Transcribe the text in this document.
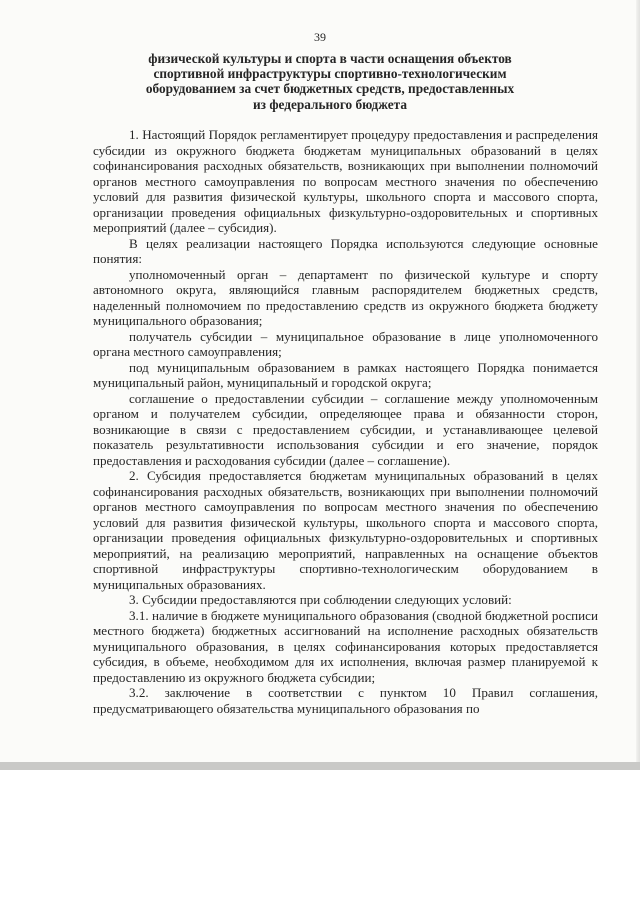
39
физической культуры и спорта в части оснащения объектов
спортивной инфраструктуры спортивно-технологическим
оборудованием за счет бюджетных средств, предоставленных
из федерального бюджета

1. Настоящий Порядок регламентирует процедуру предоставления и распределения субсидии из окружного бюджета бюджетам муниципальных образований в целях софинансирования расходных обязательств, возникающих при выполнении полномочий органов местного самоуправления по вопросам местного значения по обеспечению условий для развития физической культуры, школьного спорта и массового спорта, организации проведения официальных физкультурно-оздоровительных и спортивных мероприятий (далее – субсидия).

В целях реализации настоящего Порядка используются следующие основные понятия:

уполномоченный орган – департамент по физической культуре и спорту автономного округа, являющийся главным распорядителем бюджетных средств, наделенный полномочием по предоставлению средств из окружного бюджета бюджету муниципального образования;

получатель субсидии – муниципальное образование в лице уполномоченного органа местного самоуправления;

под муниципальным образованием в рамках настоящего Порядка понимается муниципальный район, муниципальный и городской округа;

соглашение о предоставлении субсидии – соглашение между уполномоченным органом и получателем субсидии, определяющее права и обязанности сторон, возникающие в связи с предоставлением субсидии, и устанавливающее целевой показатель результативности использования субсидии и его значение, порядок предоставления и расходования субсидии (далее – соглашение).

2. Субсидия предоставляется бюджетам муниципальных образований в целях софинансирования расходных обязательств, возникающих при выполнении полномочий органов местного самоуправления по вопросам местного значения по обеспечению условий для развития физической культуры, школьного спорта и массового спорта, организации проведения официальных физкультурно-оздоровительных и спортивных мероприятий, на реализацию мероприятий, направленных на оснащение объектов спортивной инфраструктуры спортивно-технологическим оборудованием в муниципальных образованиях.

3. Субсидии предоставляются при соблюдении следующих условий:

3.1. наличие в бюджете муниципального образования (сводной бюджетной росписи местного бюджета) бюджетных ассигнований на исполнение расходных обязательств муниципального образования, в целях софинансирования которых предоставляется субсидия, в объеме, необходимом для их исполнения, включая размер планируемой к предоставлению из окружного бюджета субсидии;

3.2. заключение в соответствии с пунктом 10 Правил соглашения, предусматривающего обязательства муниципального образования по
